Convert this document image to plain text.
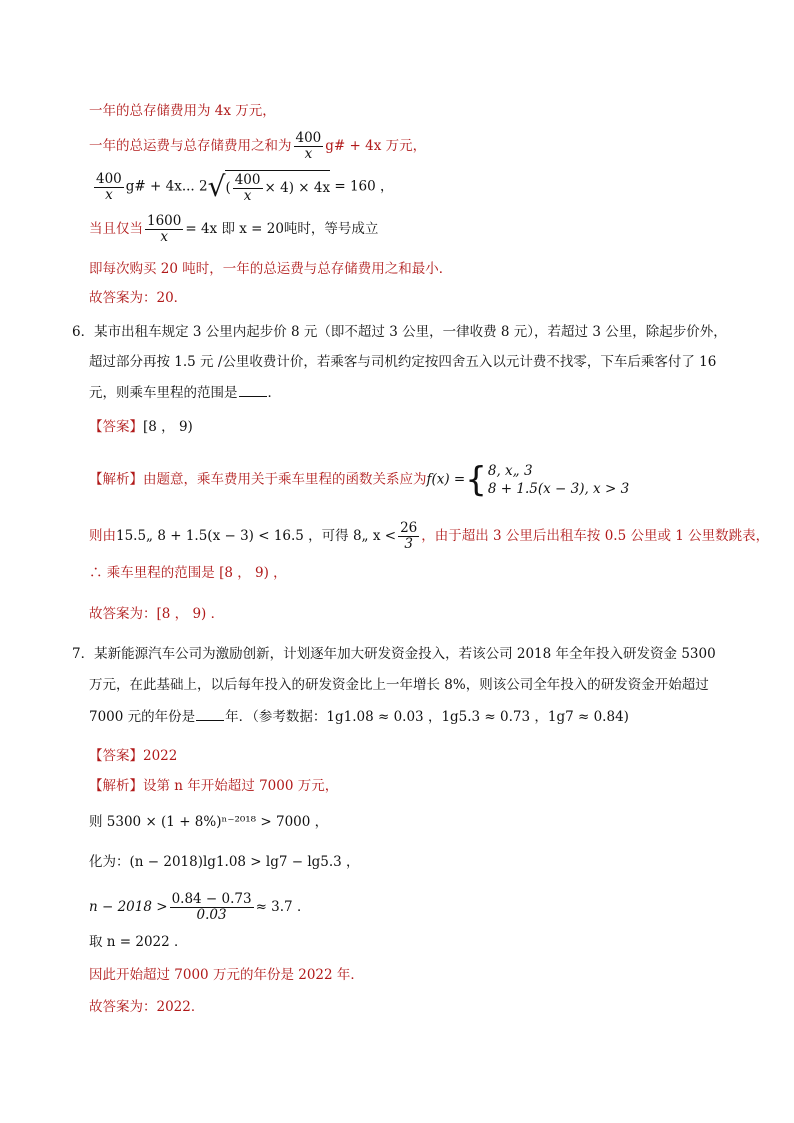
一年的总存储费用为 4x 万元，
一年的总运费与总存储费用之和为 $\frac{400}{x}$ g# + 4x 万元，
$\frac{400}{x}$ g# + 4x... $2√( \frac{400}{x} \times 4) \times 4x = 160$ ，
当且仅当 $\frac{1600}{x} = 4x$ 即 x = 20吨时，等号成立
即每次购买 20 吨时，一年的总运费与总存储费用之和最小．
故答案为：20．
6．某市出租车规定 3 公里内起步价 8 元（即不超过 3 公里，一律收费 8 元），若超过 3 公里，除起步价外，
超过部分再按 1.5 元 /公里收费计价，若乘客与司机约定按四舍五入以元计费不找零，下车后乘客付了 16
元，则乘车里程的范围是 ．
【答案】[8 ， 9)
【解析】由题意，乘车费用关于乘车里程的函数关系应为f(x) ={ 8, x„ 3
8 + 1.5(x − 3), x > 3
则由15.5„ 8 + 1.5(x − 3) < 16.5 ，可得 8„ $x < \frac{26}{3}$ ，由于超出 3 公里后出租车按 0.5 公里或 1 公里数跳表，
∴ 乘车里程的范围是 [8 ， 9) ，
故答案为：[8 ， 9) ．
7．某新能源汽车公司为激励创新，计划逐年加大研发资金投入，若该公司 2018 年全年投入研发资金 5300
万元，在此基础上，以后每年投入的研发资金比上一年增长 8%，则该公司全年投入的研发资金开始超过
7000 元的年份是 年．（参考数据：1g1.08 ≈ 0.03 ，1g5.3 ≈ 0.73 ，1g7 ≈ 0.84)
【答案】2022
【解析】设第 n 年开始超过 7000 万元，
则 5300 × (1 + 8%)ⁿ⁻²⁰¹⁸ > 7000 ，
化为：(n − 2018)lg1.08 > lg7 − lg5.3 ，
$n - 2018 > \frac{0.84 - 0.73}{0.03} \approx 3.7$ ．
取 n = 2022 ．
因此开始超过 7000 万元的年份是 2022 年．
故答案为：2022．
